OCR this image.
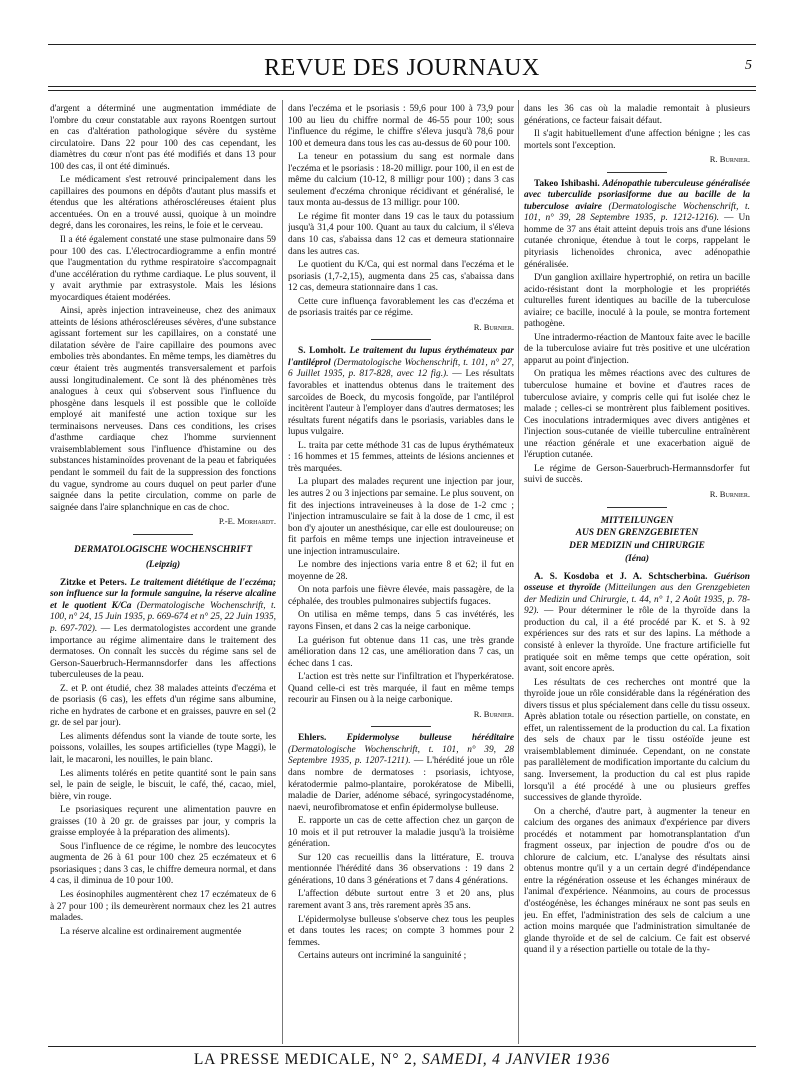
REVUE DES JOURNAUX	5

d'argent a déterminé une augmentation immédiate de l'ombre du cœur constatable aux rayons Roentgen surtout en cas d'altération pathologique sévère du système circulatoire. Dans 22 pour 100 des cas cependant, les diamètres du cœur n'ont pas été modifiés et dans 13 pour 100 des cas, il ont été diminués.

Le médicament s'est retrouvé principalement dans les capillaires des poumons en dépôts d'autant plus massifs et étendus que les altérations athéroscléreuses étaient plus accentuées. On en a trouvé aussi, quoique à un moindre degré, dans les coronaires, les reins, le foie et le cerveau.

Il a été également constaté une stase pulmonaire dans 59 pour 100 des cas. L'électrocardiogramme a enfin montré que l'augmentation du rythme respiratoire s'accompagnait d'une accélération du rythme cardiaque. Le plus souvent, il y avait arythmie par extrasystole. Mais les lésions myocardiques étaient modérées.

Ainsi, après injection intraveineuse, chez des animaux atteints de lésions athéroscléreuses sévères, d'une substance agissant fortement sur les capillaires, on a constaté une dilatation sévère de l'aire capillaire des poumons avec embolies très abondantes. En même temps, les diamètres du cœur étaient très augmentés transversalement et parfois aussi longitudinalement. Ce sont là des phénomènes très analogues à ceux qui s'observent sous l'influence du phosgène dans lesquels il est possible que le colloïde employé ait manifesté une action toxique sur les terminaisons nerveuses. Dans ces conditions, les crises d'asthme cardiaque chez l'homme surviennent vraisemblablement sous l'influence d'histamine ou des substances histaminoïdes provenant de la peau et fabriquées pendant le sommeil du fait de la suppression des fonctions du vague, syndrome au cours duquel on peut parler d'une saignée dans la petite circulation, comme on parle de saignée dans l'aire splanchnique en cas de choc.

P.-E. Morhardt.
DERMATOLOGISCHE WOCHENSCHRIFT
(Leipzig)

Zitzke et Peters. Le traitement diététique de l'eczéma; son influence sur la formule sanguine, la réserve alcaline et le quotient K/Ca (Dermatologische Wochenschrift, t. 100, n° 24, 15 Juin 1935, p. 669-674 et n° 25, 22 Juin 1935, p. 697-702). — Les dermatologistes accordent une grande importance au régime alimentaire dans le traitement des dermatoses. On connaît les succès du régime sans sel de Gerson-Sauerbruch-Hermannsdorfer dans les affections tuberculeuses de la peau.

Z. et P. ont étudié, chez 38 malades atteints d'eczéma et de psoriasis (6 cas), les effets d'un régime sans albumine, riche en hydrates de carbone et en graisses, pauvre en sel (2 gr. de sel par jour).

Les aliments défendus sont la viande de toute sorte, les poissons, volailles, les soupes artificielles (type Maggi), le lait, le macaroni, les nouilles, le pain blanc.

Les aliments tolérés en petite quantité sont le pain sans sel, le pain de seigle, le biscuit, le café, thé, cacao, miel, bière, vin rouge.

Le psoriasiques reçurent une alimentation pauvre en graisses (10 à 20 gr. de graisses par jour, y compris la graisse employée à la préparation des aliments).

Sous l'influence de ce régime, le nombre des leucocytes augmenta de 26 à 61 pour 100 chez 25 eczémateux et 6 psoriasiques ; dans 3 cas, le chiffre demeura normal, et dans 4 cas, il diminua de 10 pour 100.

Les éosinophiles augmentèrent chez 17 eczémateux de 6 à 27 pour 100 ; ils demeurèrent normaux chez les 21 autres malades.

La réserve alcaline est ordinairement augmentée

dans l'eczéma et le psoriasis : 59,6 pour 100 à 73,9 pour 100 au lieu du chiffre normal de 46-55 pour 100; sous l'influence du régime, le chiffre s'éleva jusqu'à 78,6 pour 100 et demeura dans tous les cas au-dessus de 60 pour 100.

La teneur en potassium du sang est normale dans l'eczéma et le psoriasis : 18-20 milligr. pour 100, il en est de même du calcium (10-12, 8 milligr pour 100) ; dans 3 cas seulement d'eczéma chronique récidivant et généralisé, le taux monta au-dessus de 13 milligr. pour 100.

Le régime fit monter dans 19 cas le taux du potassium jusqu'à 31,4 pour 100. Quant au taux du calcium, il s'éleva dans 10 cas, s'abaissa dans 12 cas et demeura stationnaire dans les autres cas.

Le quotient du K/Ca, qui est normal dans l'eczéma et le psoriasis (1,7-2,15), augmenta dans 25 cas, s'abaissa dans 12 cas, demeura stationnaire dans 1 cas.

Cette cure influença favorablement les cas d'eczéma et de psoriasis traités par ce régime.

R. Burnier.

S. Lomholt. Le traitement du lupus érythémateux par l'antiléprol (Dermatologische Wochenschrift, t. 101, n° 27, 6 Juillet 1935, p. 817-828, avec 12 fig.). — Les résultats favorables et inattendus obtenus dans le traitement des sarcoïdes de Boeck, du mycosis fongoïde, par l'antiléprol incitèrent l'auteur à l'employer dans d'autres dermatoses; les résultats furent négatifs dans le psoriasis, variables dans le lupus vulgaire.

L. traita par cette méthode 31 cas de lupus érythémateux : 16 hommes et 15 femmes, atteints de lésions anciennes et très marquées.

La plupart des malades reçurent une injection par jour, les autres 2 ou 3 injections par semaine. Le plus souvent, on fit des injections intraveineuses à la dose de 1-2 cmc ; l'injection intramusculaire se fait à la dose de 1 cmc, il est bon d'y ajouter un anesthésique, car elle est douloureuse; on fit parfois en même temps une injection intraveineuse et une injection intramusculaire.

Le nombre des injections varia entre 8 et 62; il fut en moyenne de 28.

On nota parfois une fièvre élevée, mais passagère, de la céphalée, des troubles pulmonaires subjectifs fugaces.

On utilisa en même temps, dans 5 cas invétérés, les rayons Finsen, et dans 2 cas la neige carbonique.

La guérison fut obtenue dans 11 cas, une très grande amélioration dans 12 cas, une amélioration dans 7 cas, un échec dans 1 cas.

L'action est très nette sur l'infiltration et l'hyperkératose. Quand celle-ci est très marquée, il faut en même temps recourir au Finsen ou à la neige carbonique.

R. Burnier.

Ehlers. Epidermolyse bulleuse héréditaire (Dermatologische Wochenschrift, t. 101, n° 39, 28 Septembre 1935, p. 1207-1211). — L'hérédité joue un rôle dans nombre de dermatoses : psoriasis, ichtyose, kératodermie palmo-plantaire, porokératose de Mibelli, maladie de Darier, adénome sébacé, syringocystadénome, naevi, neurofibromatose et enfin épidermolyse bulleuse.

E. rapporte un cas de cette affection chez un garçon de 10 mois et il put retrouver la maladie jusqu'à la troisième génération.

Sur 120 cas recueillis dans la littérature, E. trouva mentionnée l'hérédité dans 36 observations : 19 dans 2 générations, 10 dans 3 générations et 7 dans 4 générations.

L'affection débute surtout entre 3 et 20 ans, plus rarement avant 3 ans, très rarement après 35 ans.

L'épidermolyse bulleuse s'observe chez tous les peuples et dans toutes les races; on compte 3 hommes pour 2 femmes.

Certains auteurs ont incriminé la sanguinité ;

dans les 36 cas où la maladie remontait à plusieurs générations, ce facteur faisait défaut.

Il s'agit habituellement d'une affection bénigne ; les cas mortels sont l'exception.

R. Burnier.

Takeo Ishibashi. Adénopathie tuberculeuse généralisée avec tuberculide psoriasiforme due au bacille de la tuberculose aviaire (Dermatologische Wochenschrift, t. 101, n° 39, 28 Septembre 1935, p. 1212-1216). — Un homme de 37 ans était atteint depuis trois ans d'une lésions cutanée chronique, étendue à tout le corps, rappelant le pityriasis lichenoïdes chronica, avec adénopathie généralisée.

D'un ganglion axillaire hypertrophié, on retira un bacille acido-résistant dont la morphologie et les propriétés culturelles furent identiques au bacille de la tuberculose aviaire; ce bacille, inoculé à la poule, se montra fortement pathogène.

Une intradermo-réaction de Mantoux faite avec le bacille de la tuberculose aviaire fut très positive et une ulcération apparut au point d'injection.

On pratiqua les mêmes réactions avec des cultures de tuberculose humaine et bovine et d'autres races de tuberculose aviaire, y compris celle qui fut isolée chez le malade ; celles-ci se montrèrent plus faiblement positives. Ces inoculations intradermiques avec divers antigènes et l'injection sous-cutanée de vieille tuberculine entraînèrent une réaction générale et une exacerbation aiguë de l'éruption cutanée.

Le régime de Gerson-Sauerbruch-Hermannsdorfer fut suivi de succès.

R. Burnier.
MITTEILUNGEN
AUS DEN GRENZGEBIETEN
DER MEDIZIN und CHIRURGIE
(Iéna)

A. S. Kosdoba et J. A. Schtscherbina. Guérison osseuse et thyroïde (Mitteilungen aus den Grenzgebieten der Medizin und Chirurgie, t. 44, n° 1, 2 Août 1935, p. 78-92). — Pour déterminer le rôle de la thyroïde dans la production du cal, il a été procédé par K. et S. à 92 expériences sur des rats et sur des lapins. La méthode a consisté à enlever la thyroïde. Une fracture artificielle fut pratiquée soit en même temps que cette opération, soit avant, soit encore après.

Les résultats de ces recherches ont montré que la thyroïde joue un rôle considérable dans la régénération des divers tissus et plus spécialement dans celle du tissu osseux. Après ablation totale ou résection partielle, on constate, en effet, un ralentissement de la production du cal. La fixation des sels de chaux par le tissu ostéoïde jeune est vraisemblablement diminuée. Cependant, on ne constate pas parallèlement de modification importante du calcium du sang. Inversement, la production du cal est plus rapide lorsqu'il a été procédé à une ou plusieurs greffes successives de glande thyroïde.

On a cherché, d'autre part, à augmenter la teneur en calcium des organes des animaux d'expérience par divers procédés et notamment par homotransplantation d'un fragment osseux, par injection de poudre d'os ou de chlorure de calcium, etc. L'analyse des résultats ainsi obtenus montre qu'il y a un certain degré d'indépendance entre la régénération osseuse et les échanges minéraux de l'animal d'expérience. Néanmoins, au cours de processus d'ostéogénèse, les échanges minéraux ne sont pas seuls en jeu. En effet, l'administration des sels de calcium a une action moins marquée que l'administration simultanée de glande thyroïde et de sel de calcium. Ce fait est observé quand il y a résection partielle ou totale de la thy-

LA PRESSE MEDICALE, N° 2, SAMEDI, 4 JANVIER 1936
